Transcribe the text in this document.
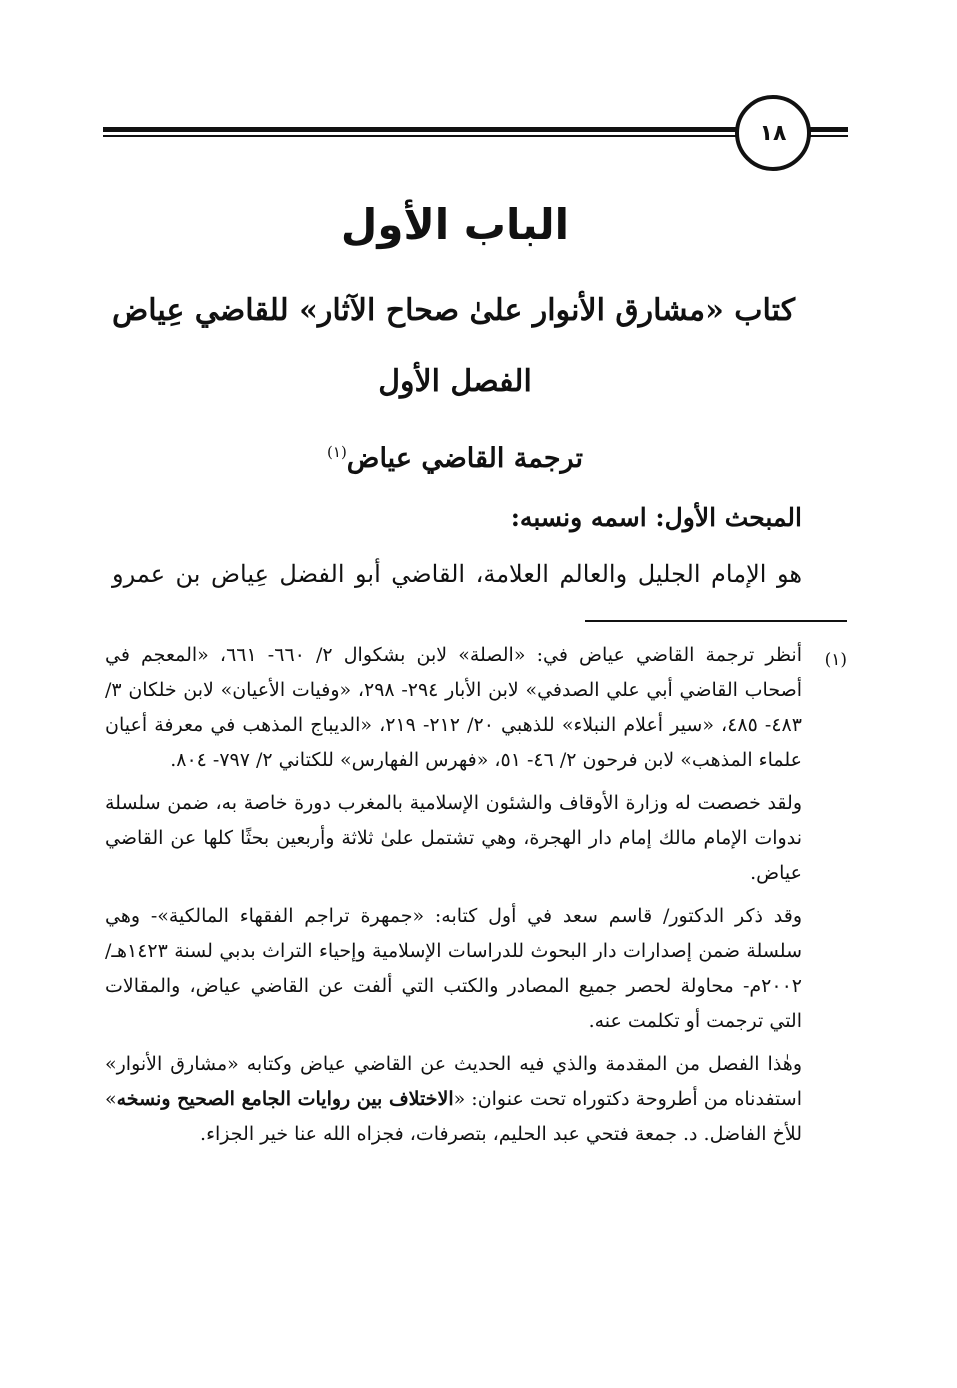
١٨
الباب الأول
كتاب «مشارق الأنوار علىٰ صحاح الآثار» للقاضي عِياض
الفصل الأول
ترجمة القاضي عياض$^{(١)}$
المبحث الأول: اسمه ونسبه:
هو الإمام الجليل والعالم العلامة، القاضي أبو الفضل عِياض بن عمرو

أنظر ترجمة القاضي عياض في: «الصلة» لابن بشكوال ٢/ ٦٦٠- ٦٦١، «المعجم في أصحاب القاضي أبي علي الصدفي» لابن الأبار ٢٩٤- ٢٩٨، «وفيات الأعيان» لابن خلكان ٣/ ٤٨٣- ٤٨٥، «سير أعلام النبلاء» للذهبي ٢٠/ ٢١٢- ٢١٩، «الديباج المذهب في معرفة أعيان علماء المذهب» لابن فرحون ٢/ ٤٦- ٥١، «فهرس الفهارس» للكتاني ٢/ ٧٩٧- ٨٠٤.

ولقد خصصت له وزارة الأوقاف والشئون الإسلامية بالمغرب دورة خاصة به، ضمن سلسلة ندوات الإمام مالك إمام دار الهجرة، وهي تشتمل علىٰ ثلاثة وأربعين بحثًا كلها عن القاضي عياض.

وقد ذكر الدكتور/ قاسم سعد في أول كتابه: «جمهرة تراجم الفقهاء المالكية»- وهي سلسلة ضمن إصدارات دار البحوث للدراسات الإسلامية وإحياء التراث بدبي لسنة ١٤٢٣هـ/ ٢٠٠٢م- محاولة لحصر جميع المصادر والكتب التي ألفت عن القاضي عياض، والمقالات التي ترجمت أو تكلمت عنه.

وهٰذا الفصل من المقدمة والذي فيه الحديث عن القاضي عياض وكتابه «مشارق الأنوار» استفدناه من أطروحة دكتوراه تحت عنوان: «الاختلاف بين روايات الجامع الصحيح ونسخه» للأخ الفاضل. د. جمعة فتحي عبد الحليم، بتصرفات، فجزاه الله عنا خير الجزاء.

(١)
